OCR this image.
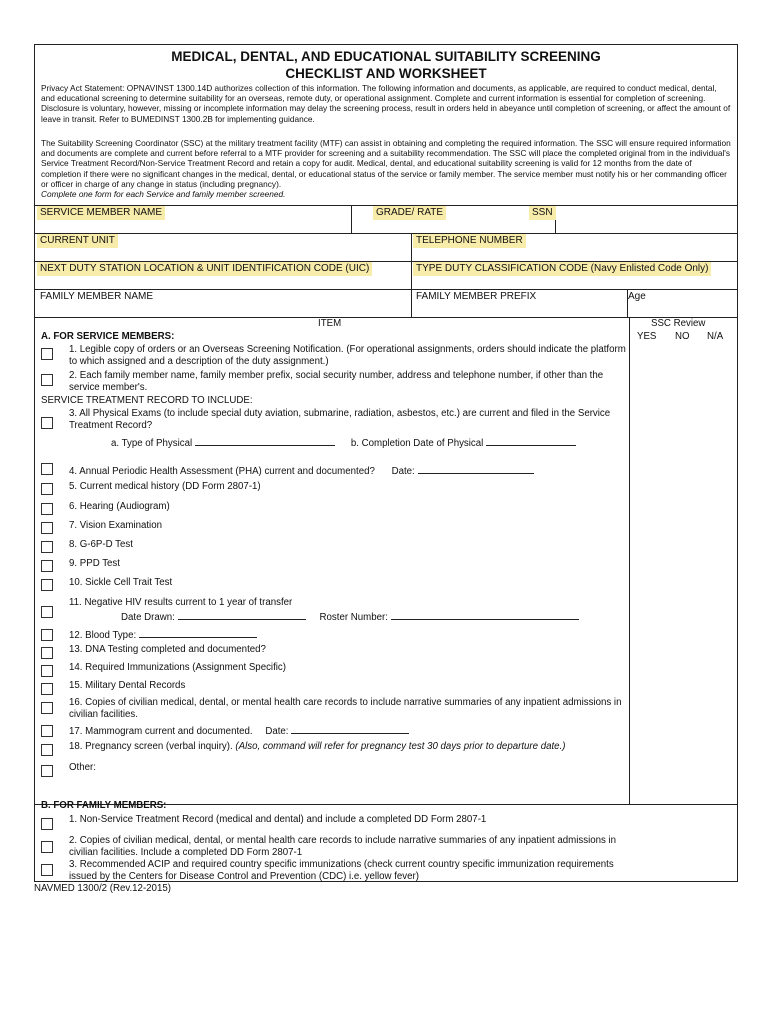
MEDICAL, DENTAL, AND EDUCATIONAL SUITABILITY SCREENING
CHECKLIST AND WORKSHEET

Privacy Act Statement: OPNAVINST 1300.14D authorizes collection of this information. The following information and documents, as applicable, are required to conduct medical, dental, and educational screening to determine suitability for an overseas, remote duty, or operational assignment. Complete and current information is essential for completion of screening. Disclosure is voluntary, however, missing or incomplete information may delay the screening process, result in orders held in abeyance until completion of screening, or affect the amount of leave in transit. Refer to BUMEDINST 1300.2B for implementing guidance.

The Suitability Screening Coordinator (SSC) at the military treatment facility (MTF) can assist in obtaining and completing the required information. The SSC will ensure required information and documents are complete and current before referral to a MTF provider for screening and a suitability recommendation. The SSC will place the completed original from in the individual's Service Treatment Record/Non-Service Treatment Record and retain a copy for audit. Medical, dental, and educational suitability screening is valid for 12 months from the date of completion if there were no significant changes in the medical, dental, or educational status of the service or family member. The service member must notify his or her commanding officer or officer in charge of any change in status (including pregnancy).

Complete one form for each Service and family member screened.

SERVICE MEMBER NAME	GRADE/ RATE	SSN
CURRENT UNIT	TELEPHONE NUMBER
NEXT DUTY STATION LOCATION & UNIT IDENTIFICATION CODE (UIC)	TYPE DUTY CLASSIFICATION CODE (Navy Enlisted Code Only)
FAMILY MEMBER NAME	FAMILY MEMBER PREFIX	Age
ITEM	SSC Review
YES NO N/A
A. FOR SERVICE MEMBERS:
1. Legible copy of orders or an Overseas Screening Notification. (For operational assignments, orders should indicate the platform to which assigned and a description of the duty assignment.)
2. Each family member name, family member prefix, social security number, address and telephone number, if other than the service member's.
SERVICE TREATMENT RECORD TO INCLUDE:
3. All Physical Exams (to include special duty aviation, submarine, radiation, asbestos, etc.) are current and filed in the Service Treatment Record?
a. Type of Physical	b. Completion Date of Physical
4. Annual Periodic Health Assessment (PHA) current and documented? Date:
5. Current medical history (DD Form 2807-1)
6. Hearing (Audiogram)
7. Vision Examination
8. G-6P-D Test
9. PPD Test
10. Sickle Cell Trait Test
11. Negative HIV results current to 1 year of transfer
Date Drawn:	Roster Number:
12. Blood Type:
13. DNA Testing completed and documented?
14. Required Immunizations (Assignment Specific)
15. Military Dental Records
16. Copies of civilian medical, dental, or mental health care records to include narrative summaries of any inpatient admissions in civilian facilities.
17. Mammogram current and documented. Date:
18. Pregnancy screen (verbal inquiry). (Also, command will refer for pregnancy test 30 days prior to departure date.)
Other:
B. FOR FAMILY MEMBERS:
1. Non-Service Treatment Record (medical and dental) and include a completed DD Form 2807-1
2. Copies of civilian medical, dental, or mental health care records to include narrative summaries of any inpatient admissions in civilian facilities. Include a completed DD Form 2807-1
3. Recommended ACIP and required country specific immunizations (check current country specific immunization requirements issued by the Centers for Disease Control and Prevention (CDC) i.e. yellow fever)
NAVMED 1300/2 (Rev.12-2015)
